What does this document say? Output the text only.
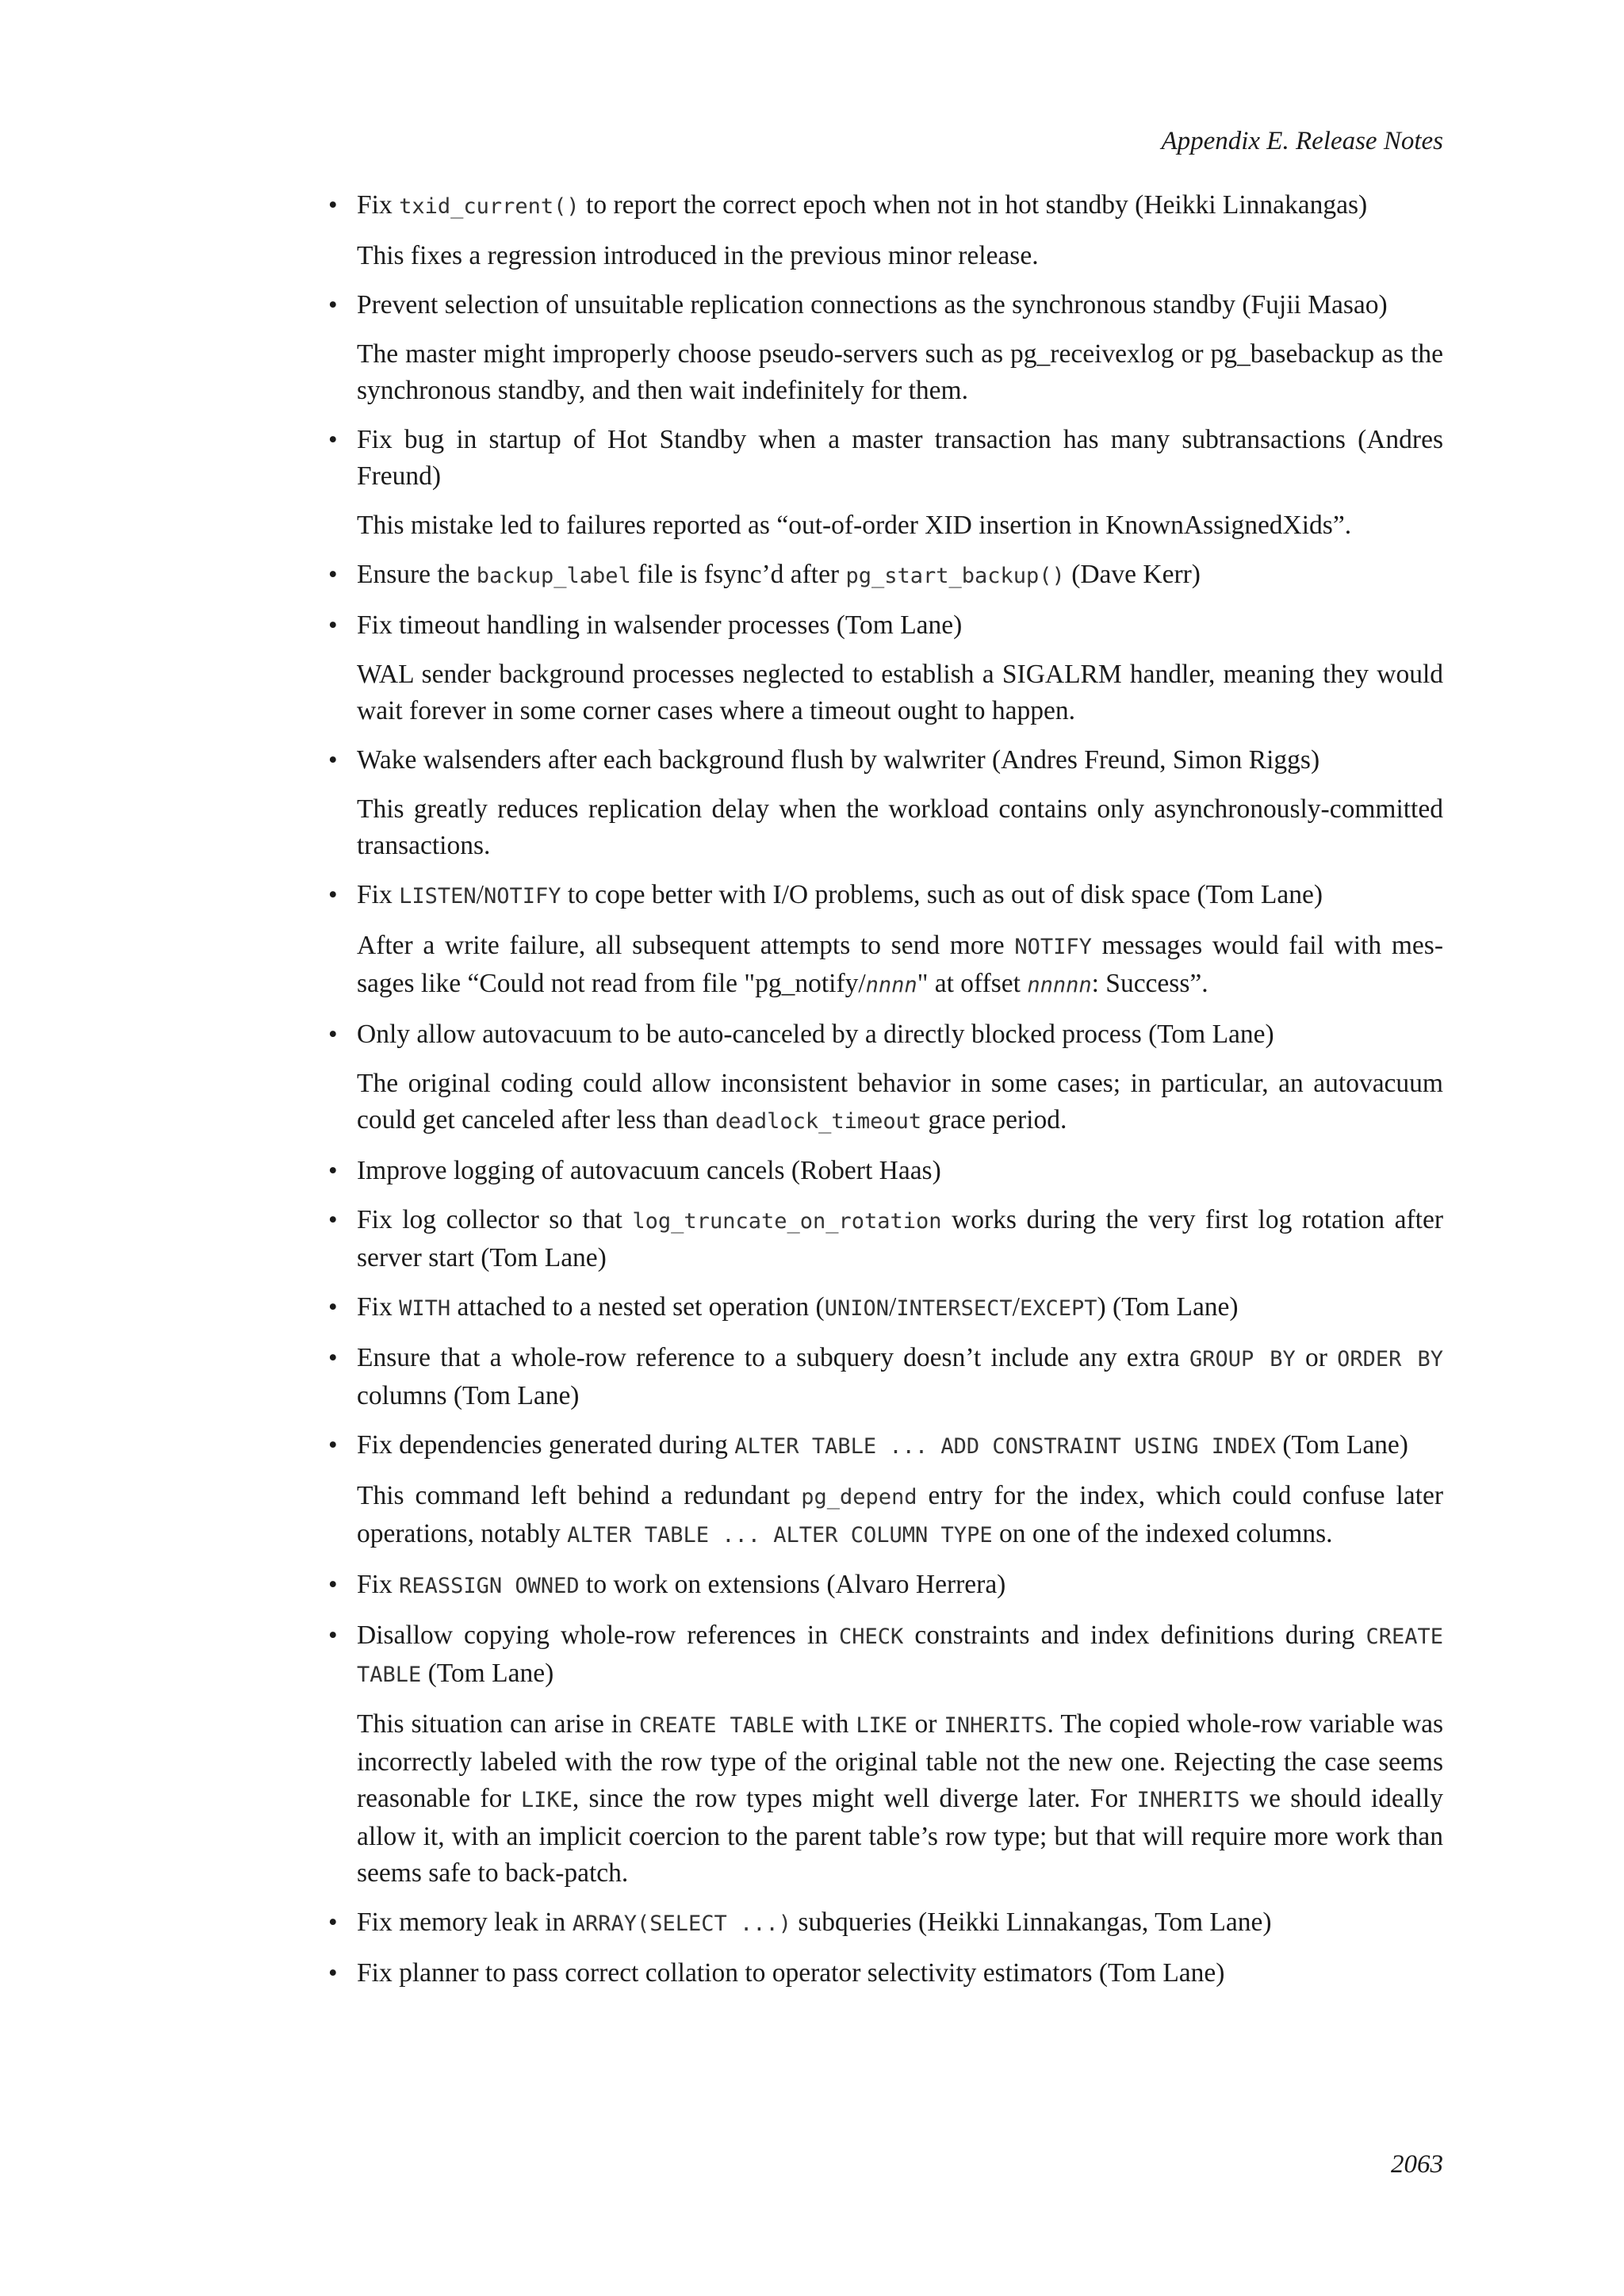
Appendix E. Release Notes
• Fix txid_current() to report the correct epoch when not in hot standby (Heikki Linnakangas)

This fixes a regression introduced in the previous minor release.

• Prevent selection of unsuitable replication connections as the synchronous standby (Fujii Masao)

The master might improperly choose pseudo-servers such as pg_receivexlog or pg_basebackup as the synchronous standby, and then wait indefinitely for them.

• Fix bug in startup of Hot Standby when a master transaction has many subtransactions (Andres Freund)

This mistake led to failures reported as “out-of-order XID insertion in KnownAssignedXids”.

• Ensure the backup_label file is fsync’d after pg_start_backup() (Dave Kerr)

• Fix timeout handling in walsender processes (Tom Lane)

WAL sender background processes neglected to establish a SIGALRM handler, meaning they would wait forever in some corner cases where a timeout ought to happen.

• Wake walsenders after each background flush by walwriter (Andres Freund, Simon Riggs)

This greatly reduces replication delay when the workload contains only asynchronously-committed transactions.

• Fix LISTEN/NOTIFY to cope better with I/O problems, such as out of disk space (Tom Lane)

After a write failure, all subsequent attempts to send more NOTIFY messages would fail with mes-sages like “Could not read from file "pg_notify/nnnn" at offset nnnnn: Success”.

• Only allow autovacuum to be auto-canceled by a directly blocked process (Tom Lane)

The original coding could allow inconsistent behavior in some cases; in particular, an autovacuum could get canceled after less than deadlock_timeout grace period.

• Improve logging of autovacuum cancels (Robert Haas)

• Fix log collector so that log_truncate_on_rotation works during the very first log rotation after server start (Tom Lane)

• Fix WITH attached to a nested set operation (UNION/INTERSECT/EXCEPT) (Tom Lane)

• Ensure that a whole-row reference to a subquery doesn’t include any extra GROUP BY or ORDER BY columns (Tom Lane)

• Fix dependencies generated during ALTER TABLE ... ADD CONSTRAINT USING INDEX (Tom Lane)

This command left behind a redundant pg_depend entry for the index, which could confuse later operations, notably ALTER TABLE ... ALTER COLUMN TYPE on one of the indexed columns.

• Fix REASSIGN OWNED to work on extensions (Alvaro Herrera)

• Disallow copying whole-row references in CHECK constraints and index definitions during CREATE TABLE (Tom Lane)

This situation can arise in CREATE TABLE with LIKE or INHERITS. The copied whole-row variable was incorrectly labeled with the row type of the original table not the new one. Rejecting the case seems reasonable for LIKE, since the row types might well diverge later. For INHERITS we should ideally allow it, with an implicit coercion to the parent table’s row type; but that will require more work than seems safe to back-patch.

• Fix memory leak in ARRAY(SELECT ...) subqueries (Heikki Linnakangas, Tom Lane)

• Fix planner to pass correct collation to operator selectivity estimators (Tom Lane)

2063
